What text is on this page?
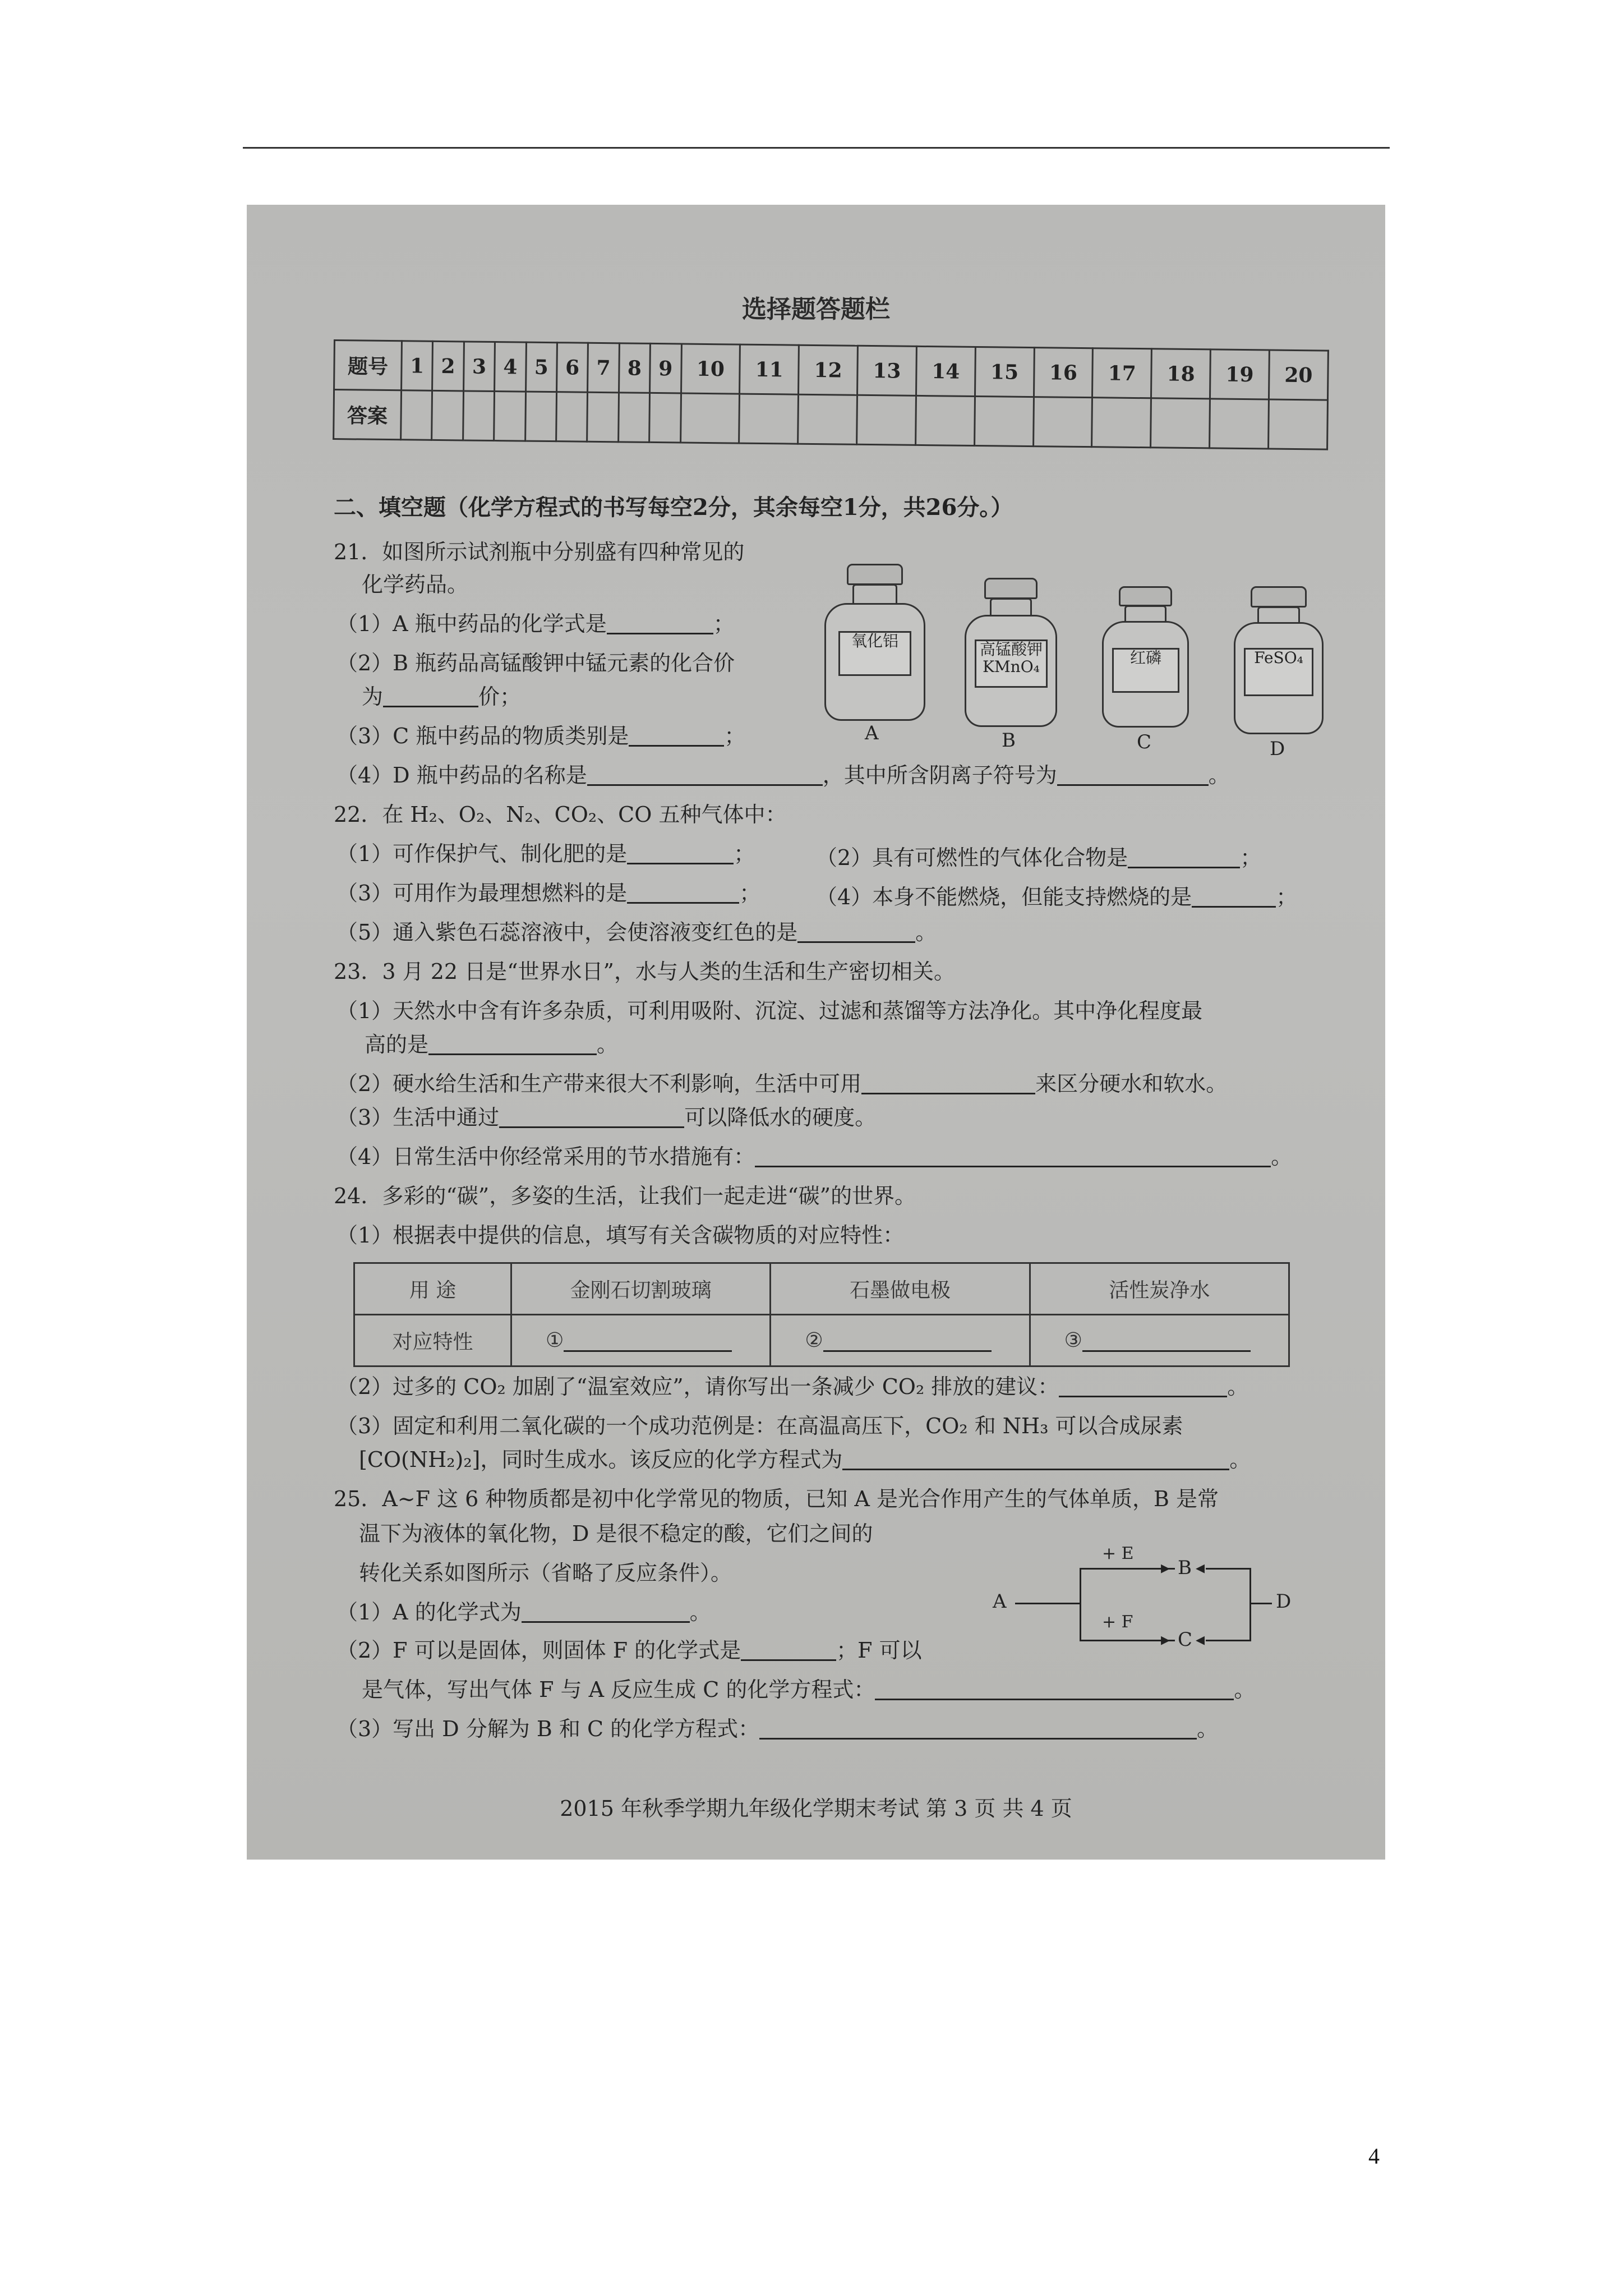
选择题答题栏
题号	1	2	3	4	5	6	7	8	9	10	11	12	13	14	15	16	17	18	19	20
答案																				
二、填空题（化学方程式的书写每空2分，其余每空1分，共26分。）
21．如图所示试剂瓶中分别盛有四种常见的
化学药品。
（1）A 瓶中药品的化学式是	；
（2）B 瓶药品高锰酸钾中锰元素的化合价
为	价；
（3）C 瓶中药品的物质类别是	；
（4）D 瓶中药品的名称是	，其中所含阴离子符号为	。
氧化铝
A
高锰酸钾
KMnO₄
B
红磷
C
FeSO₄
D
22．在 H₂、O₂、N₂、CO₂、CO 五种气体中：
（1）可作保护气、制化肥的是	；	（2）具有可燃性的气体化合物是	；
（3）可用作为最理想燃料的是	；	（4）本身不能燃烧，但能支持燃烧的是	；
（5）通入紫色石蕊溶液中，会使溶液变红色的是	。
23．3 月 22 日是“世界水日”，水与人类的生活和生产密切相关。
（1）天然水中含有许多杂质，可利用吸附、沉淀、过滤和蒸馏等方法净化。其中净化程度最
高的是	。
（2）硬水给生活和生产带来很大不利影响，生活中可用	来区分硬水和软水。
（3）生活中通过	可以降低水的硬度。
（4）日常生活中你经常采用的节水措施有：	。
24．多彩的“碳”，多姿的生活，让我们一起走进“碳”的世界。
（1）根据表中提供的信息，填写有关含碳物质的对应特性：
用 途	金刚石切割玻璃	石墨做电极	活性炭净水
对应特性	①	②	③
（2）过多的 CO₂ 加剧了“温室效应”，请你写出一条减少 CO₂ 排放的建议：	。
（3）固定和利用二氧化碳的一个成功范例是：在高温高压下，CO₂ 和 NH₃ 可以合成尿素
[CO(NH₂)₂]，同时生成水。该反应的化学方程式为	。
25．A~F 这 6 种物质都是初中化学常见的物质，已知 A 是光合作用产生的气体单质，B 是常
温下为液体的氧化物，D 是很不稳定的酸，它们之间的
转化关系如图所示（省略了反应条件）。
（1）A 的化学式为	。
（2）F 可以是固体，则固体 F 的化学式是	；F 可以
是气体，写出气体 F 与 A 反应生成 C 的化学方程式：	。
（3）写出 D 分解为 B 和 C 的化学方程式：	。
A
+ E
+ F
▸
▸
B
C
◂
◂
D
2015 年秋季学期九年级化学期末考试 第 3 页 共 4 页
4
